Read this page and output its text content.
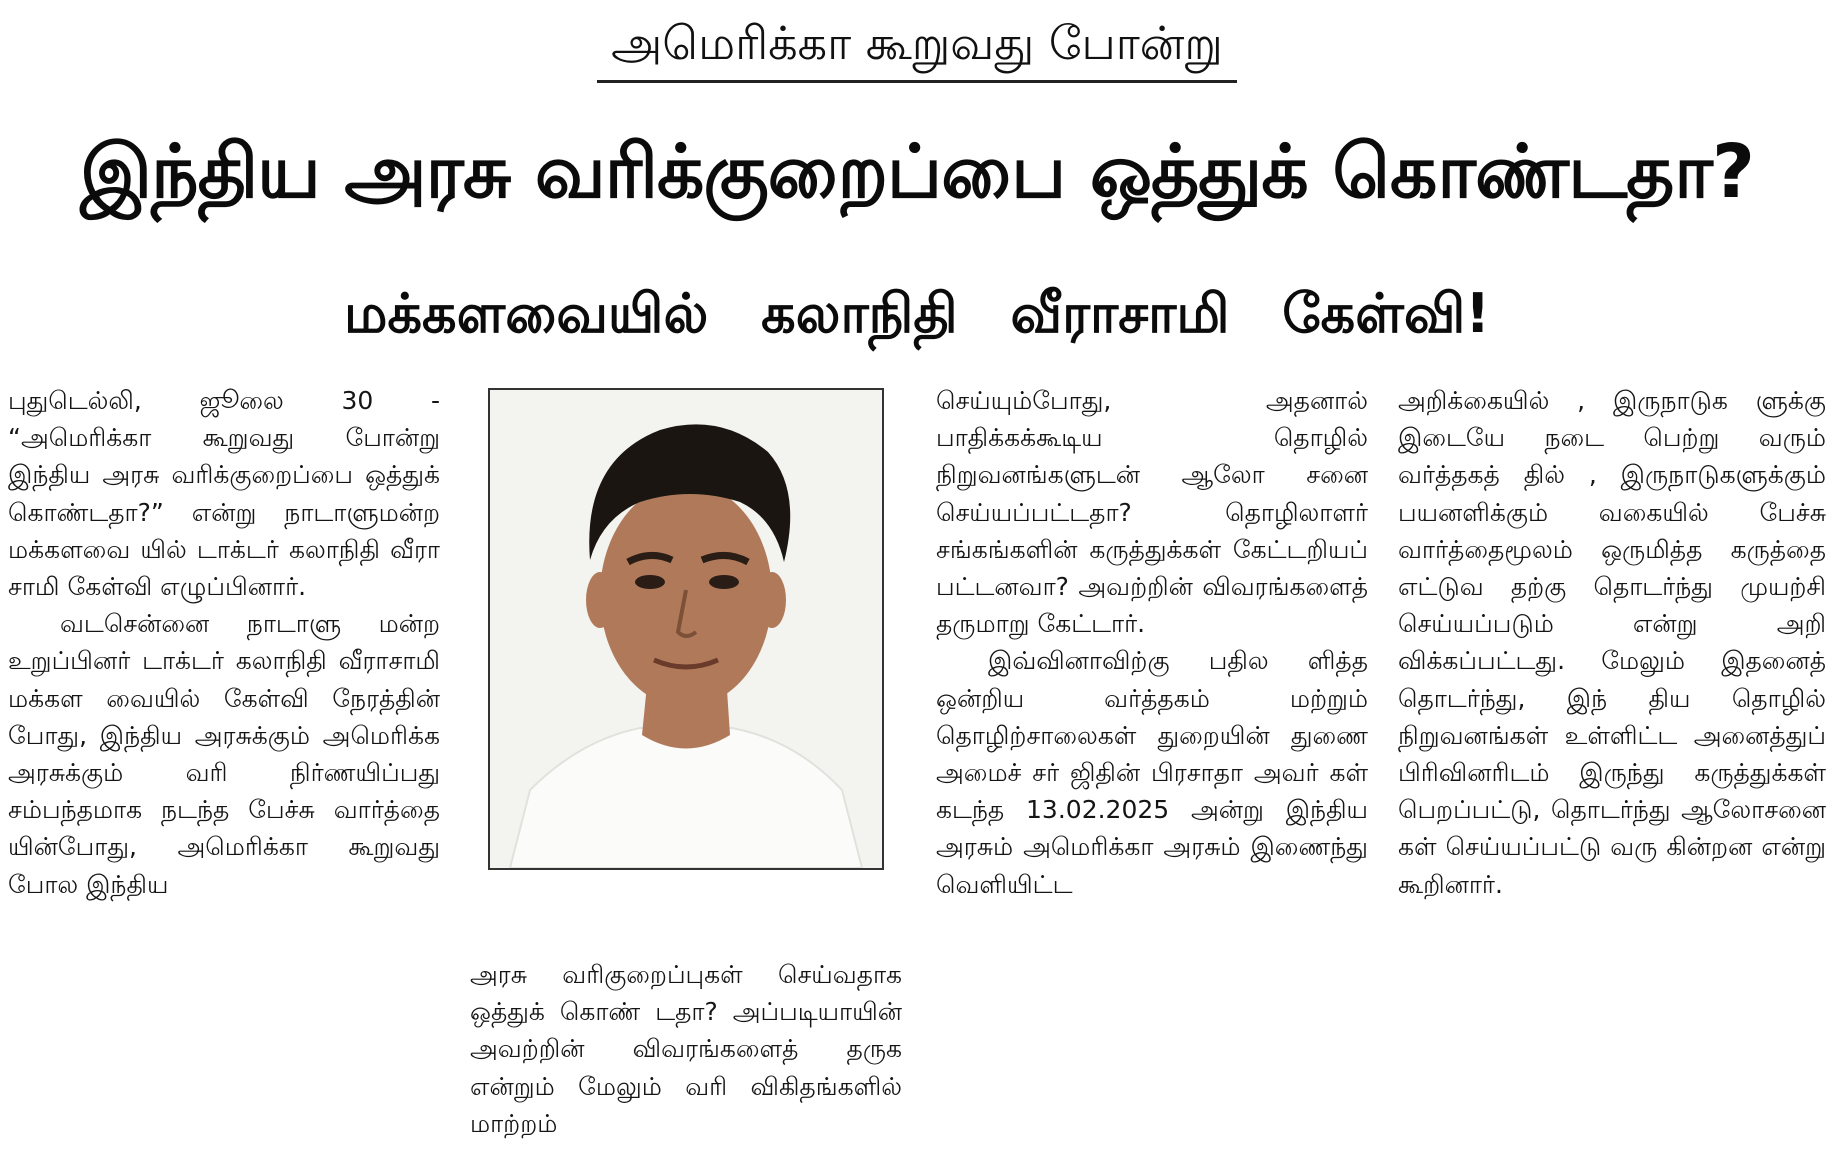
அமெரிக்கா கூறுவது போன்று
இந்திய அரசு வரிக்குறைப்பை ஒத்துக் கொண்டதா?
மக்களவையில் கலாநிதி வீராசாமி கேள்வி!

புதுடெல்லி, ஜூலை 30 - “அமெரிக்கா கூறுவது போன்று இந்திய அரசு வரிக்குறைப்பை ஒத்துக் கொண்டதா?” என்று நாடாளுமன்ற மக்களவை யில் டாக்டர் கலாநிதி வீரா சாமி கேள்வி எழுப்பினார்.

வடசென்னை நாடாளு மன்ற உறுப்பினர் டாக்டர் கலாநிதி வீராசாமி மக்கள வையில் கேள்வி நேரத்தின் போது, இந்திய அரசுக்கும் அமெரிக்க அரசுக்கும் வரி நிர்ணயிப்பது சம்பந்தமாக நடந்த பேச்சு வார்த்தை யின்போது, அமெரிக்கா கூறுவது போல இந்திய

அரசு வரிகுறைப்புகள் செய்வதாக ஒத்துக் கொண் டதா? அப்படியாயின் அவற்றின் விவரங்களைத் தருக என்றும் மேலும் வரி விகிதங்களில் மாற்றம்

செய்யும்போது, அதனால் பாதிக்கக்கூடிய தொழில் நிறுவனங்களுடன் ஆலோ சனை செய்யப்பட்டதா? தொழிலாளர் சங்கங்களின் கருத்துக்கள் கேட்டறியப் பட்டனவா? அவற்றின் விவரங்களைத் தருமாறு கேட்டார்.

இவ்வினாவிற்கு பதில ளித்த ஒன்றிய வர்த்தகம் மற்றும் தொழிற்சாலைகள் துறையின் துணை அமைச் சர் ஜிதின் பிரசாதா அவர் கள் கடந்த 13.02.2025 அன்று இந்திய அரசும் அமெரிக்கா அரசும் இணைந்து வெளியிட்ட

அறிக்கையில் , இருநாடுக ளுக்கு இடையே நடை பெற்று வரும் வர்த்தகத் தில் , இருநாடுகளுக்கும் பயனளிக்கும் வகையில் பேச்சு வார்த்தைமூலம் ஒருமித்த கருத்தை எட்டுவ தற்கு தொடர்ந்து முயற்சி செய்யப்படும் என்று அறி விக்கப்பட்டது. மேலும் இதனைத் தொடர்ந்து, இந் திய தொழில் நிறுவனங்கள் உள்ளிட்ட அனைத்துப் பிரிவினரிடம் இருந்து கருத்துக்கள் பெறப்பட்டு, தொடர்ந்து ஆலோசனை கள் செய்யப்பட்டு வரு கின்றன என்று கூறினார்.
